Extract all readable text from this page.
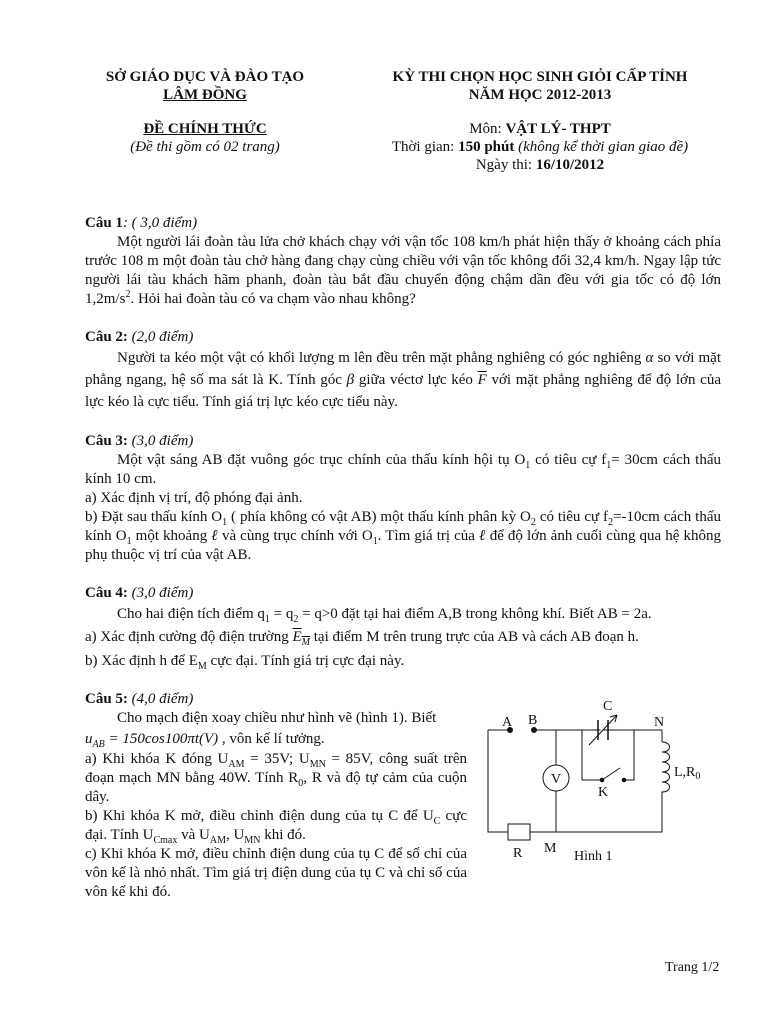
SỞ GIÁO DỤC VÀ ĐÀO TẠO
LÂM ĐỒNG
ĐỀ CHÍNH THỨC
(Đề thi gồm có 02 trang)
KỲ THI CHỌN HỌC SINH GIỎI CẤP TỈNH
NĂM HỌC 2012-2013
Môn: VẬT LÝ- THPT
Thời gian: 150 phút (không kể thời gian giao đề)
Ngày thi: 16/10/2012

Câu 1: ( 3,0 điểm)

Một người lái đoàn tàu lửa chở khách chạy với vận tốc 108 km/h phát hiện thấy ở khoảng cách phía trước 108 m một đoàn tàu chở hàng đang chạy cùng chiều với vận tốc không đổi 32,4 km/h. Ngay lập tức người lái tàu khách hãm phanh, đoàn tàu bắt đầu chuyển động chậm dần đều với gia tốc có độ lớn $1,2m/s^2$. Hỏi hai đoàn tàu có va chạm vào nhau không?

Câu 2: (2,0 điểm)

Người ta kéo một vật có khối lượng m lên đều trên mặt phẳng nghiêng có góc nghiêng α so với mặt phẳng ngang, hệ số ma sát là K. Tính góc β giữa véctơ lực kéo $\overline{F}$ với mặt phẳng nghiêng để độ lớn của lực kéo là cực tiểu. Tính giá trị lực kéo cực tiểu này.

Câu 3: (3,0 điểm)

Một vật sáng AB đặt vuông góc trục chính của thấu kính hội tụ $O_1$ có tiêu cự $f_1= 30cm$ cách thấu kính 10 cm.

a) Xác định vị trí, độ phóng đại ảnh.

b) Đặt sau thấu kính $O_1$ ( phía không có vật AB) một thấu kính phân kỳ $O_2$ có tiêu cự $f_2=-10cm$ cách thấu kính $O_1$ một khoảng ℓ và cùng trục chính với $O_1$. Tìm giá trị của ℓ để độ lớn ảnh cuối cùng qua hệ không phụ thuộc vị trí của vật AB.

Câu 4: (3,0 điểm)

Cho hai điện tích điểm $q_1 = q_2 = q>0$ đặt tại hai điểm A,B trong không khí. Biết AB = 2a.

a) Xác định cường độ điện trường $E_M$ tại điểm M trên trung trực của AB và cách AB đoạn h.

b) Xác định h để $E_M$ cực đại. Tính giá trị cực đại này.

Câu 5: (4,0 điểm)

Cho mạch điện xoay chiều như hình vẽ (hình 1). Biết

$u_{AB} = 150\cos 100\pi t(V)$ , vôn kế lí tưởng.

a) Khi khóa K đóng $U_{AM} = 35V$; $U_{MN} = 85V$, công suất trên đoạn mạch MN bằng 40W. Tính $R_0$, R và độ tự cảm của cuộn dây.

b) Khi khóa K mở, điều chỉnh điện dung của tụ C để $U_C$ cực đại. Tính $U_{Cmax}$ và $U_{AM}$, $U_{MN}$ khi đó.

c) Khi khóa K mở, điều chỉnh điện dung của tụ C để số chỉ của vôn kế là nhỏ nhất. Tìm giá trị điện dung của tụ C và chỉ số của vôn kế khi đó.

A B
C
N
V
K
$L,R_0$
R M
Hình 1
Trang 1/2
